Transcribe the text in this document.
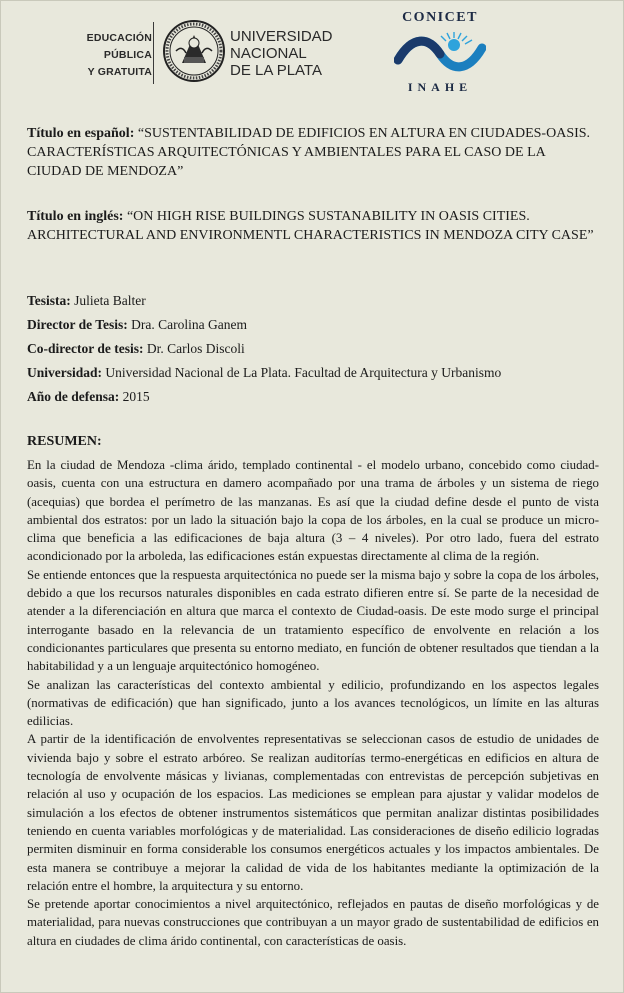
EDUCACIÓN
PÚBLICA
Y GRATUITA
UNIVERSIDAD
NACIONAL
DE LA PLATA
CONICET
INAHE

Título en español: “SUSTENTABILIDAD DE EDIFICIOS EN ALTURA EN CIUDADES-OASIS. CARACTERÍSTICAS ARQUITECTÓNICAS Y AMBIENTALES PARA EL CASO DE LA CIUDAD DE MENDOZA”

Título en inglés: “ON HIGH RISE BUILDINGS SUSTANABILITY IN OASIS CITIES. ARCHITECTURAL AND ENVIRONMENTL CHARACTERISTICS IN MENDOZA CITY CASE”

Tesista: Julieta Balter
Director de Tesis: Dra. Carolina Ganem
Co-director de tesis: Dr. Carlos Discoli
Universidad: Universidad Nacional de La Plata. Facultad de Arquitectura y Urbanismo
Año de defensa: 2015
RESUMEN:

En la ciudad de Mendoza -clima árido, templado continental - el modelo urbano, concebido como ciudad-oasis, cuenta con una estructura en damero acompañado por una trama de árboles y un sistema de riego (acequias) que bordea el perímetro de las manzanas. Es así que la ciudad define desde el punto de vista ambiental dos estratos: por un lado la situación bajo la copa de los árboles, en la cual se produce un micro-clima que beneficia a las edificaciones de baja altura (3 – 4 niveles). Por otro lado, fuera del estrato acondicionado por la arboleda, las edificaciones están expuestas directamente al clima de la región.

Se entiende entonces que la respuesta arquitectónica no puede ser la misma bajo y sobre la copa de los árboles, debido a que los recursos naturales disponibles en cada estrato difieren entre sí. Se parte de la necesidad de atender a la diferenciación en altura que marca el contexto de Ciudad-oasis. De este modo surge el principal interrogante basado en la relevancia de un tratamiento específico de envolvente en relación a los condicionantes particulares que presenta su entorno mediato, en función de obtener resultados que tiendan a la habitabilidad y a un lenguaje arquitectónico homogéneo.

Se analizan las características del contexto ambiental y edilicio, profundizando en los aspectos legales (normativas de edificación) que han significado, junto a los avances tecnológicos, un límite en las alturas edilicias.

A partir de la identificación de envolventes representativas se seleccionan casos de estudio de unidades de vivienda bajo y sobre el estrato arbóreo. Se realizan auditorías termo-energéticas en edificios en altura de tecnología de envolvente másicas y livianas, complementadas con entrevistas de percepción subjetivas en relación al uso y ocupación de los espacios. Las mediciones se emplean para ajustar y validar modelos de simulación a los efectos de obtener instrumentos sistemáticos que permitan analizar distintas posibilidades teniendo en cuenta variables morfológicas y de materialidad. Las consideraciones de diseño edilicio logradas permiten disminuir en forma considerable los consumos energéticos actuales y los impactos ambientales. De esta manera se contribuye a mejorar la calidad de vida de los habitantes mediante la optimización de la relación entre el hombre, la arquitectura y su entorno.

Se pretende aportar conocimientos a nivel arquitectónico, reflejados en pautas de diseño morfológicas y de materialidad, para nuevas construcciones que contribuyan a un mayor grado de sustentabilidad de edificios en altura en ciudades de clima árido continental, con características de oasis.
